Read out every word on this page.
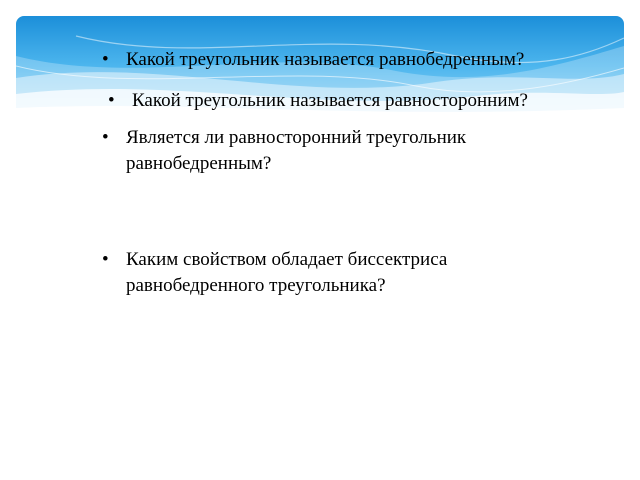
• Какой треугольник называется равнобедренным?
• Какой треугольник называется равносторонним?
• Является ли равносторонний треугольник
равнобедренным?
• Каким свойством обладает биссектриса
равнобедренного треугольника?
